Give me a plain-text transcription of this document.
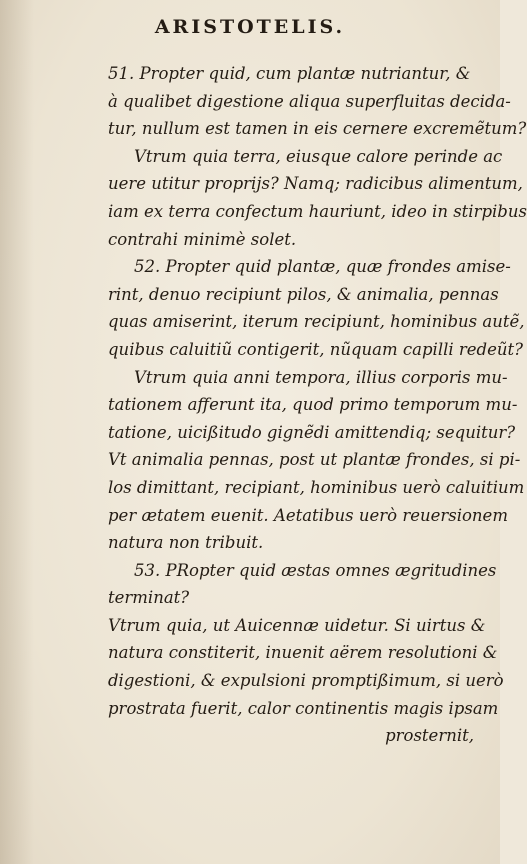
ARISTOTELIS.
51. Propter quid, cum plantæ nutriantur, &
à qualibet digestione aliqua superfluitas decida-
tur, nullum est tamen in eis cernere excremẽtum?
Vtrum quia terra, eiusque calore perinde ac
uere utitur proprijs? Namq; radicibus alimentum,
iam ex terra confectum hauriunt, ideo in stirpibus
contrahi minimè solet.
52. Propter quid plantæ, quæ frondes amise-
rint, denuo recipiunt pilos, & animalia, pennas
quas amiserint, iterum recipiunt, hominibus autẽ,
quibus caluitiũ contigerit, nũquam capilli redeũt?
Vtrum quia anni tempora, illius corporis mu-
tationem afferunt ita, quod primo temporum mu-
tatione, uicißitudo gignẽdi amittendiq; sequitur?
Vt animalia pennas, post ut plantæ frondes, si pi-
los dimittant, recipiant, hominibus uerò caluitium
per ætatem euenit. Aetatibus uerò reuersionem
natura non tribuit.
53. PRopter quid æstas omnes ægritudines
terminat?
Vtrum quia, ut Auicennæ uidetur. Si uirtus &
natura constiterit, inuenit aërem resolutioni &
digestioni, & expulsioni promptißimum, si uerò
prostrata fuerit, calor continentis magis ipsam
prosternit,
